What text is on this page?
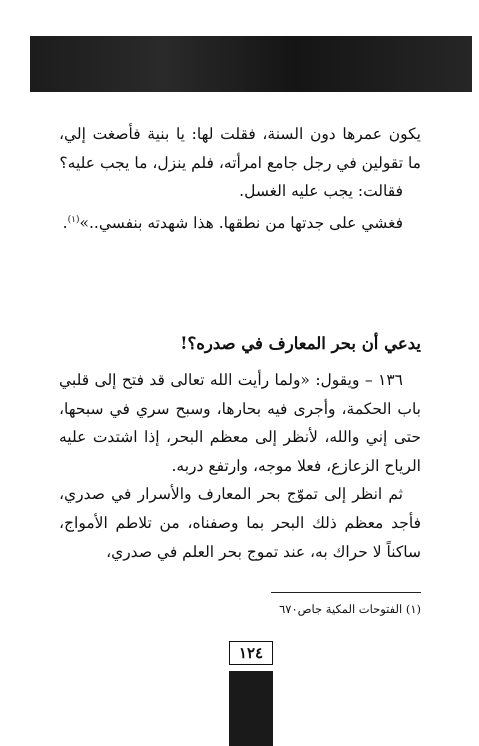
يكون عمرها دون السنة، فقلت لها: يا بنية فأصغت إلي، ما تقولين في رجل جامع امرأته، فلم ينزل، ما يجب عليه؟

فقالت: يجب عليه الغسل.

فغشي على جدتها من نطقها. هذا شهدته بنفسي..»$^{(١)}$.

يدعي أن بحر المعارف في صدره؟!

١٣٦ – ويقول: «ولما رأيت الله تعالى قد فتح إلى قلبي باب الحكمة، وأجرى فيه بحارها، وسبح سري في سبحها، حتى إني والله، لأنظر إلى معظم البحر، إذا اشتدت عليه الرياح الزعازع، فعلا موجه، وارتفع دربه.

ثم انظر إلى تموّج بحر المعارف والأسرار في صدري، فأجد معظم ذلك البحر بما وصفناه، من تلاطم الأمواج، ساكناً لا حراك به، عند تموج بحر العلم في صدري،

(١) الفتوحات المكية جاص٦٧٠

١٢٤
